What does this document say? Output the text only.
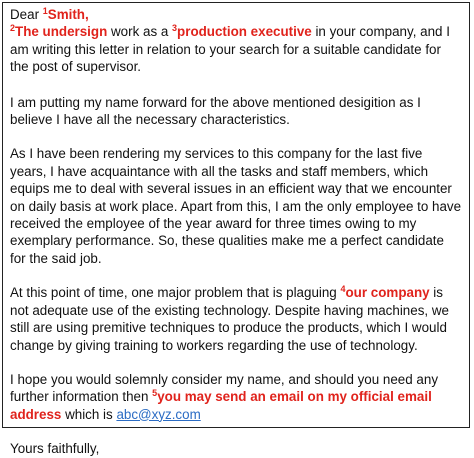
Dear $^1$Smith,

$^2$The undersign work as a $^3$production executive in your company, and I am writing this letter in relation to your search for a suitable candidate for the post of supervisor.

I am putting my name forward for the above mentioned desigition as I believe I have all the necessary characteristics.

As I have been rendering my services to this company for the last five years, I have acquaintance with all the tasks and staff members, which equips me to deal with several issues in an efficient way that we encounter on daily basis at work place. Apart from this, I am the only employee to have received the employee of the year award for three times owing to my exemplary performance. So, these qualities make me a perfect candidate for the said job.

At this point of time, one major problem that is plaguing $^4$our company is not adequate use of the existing technology. Despite having machines, we still are using premitive techniques to produce the products, which I would change by giving training to workers regarding the use of technology.

I hope you would solemnly consider my name, and should you need any further information then $^5$you may send an email on my official email address which is abc@xyz.com

Yours faithfully,
